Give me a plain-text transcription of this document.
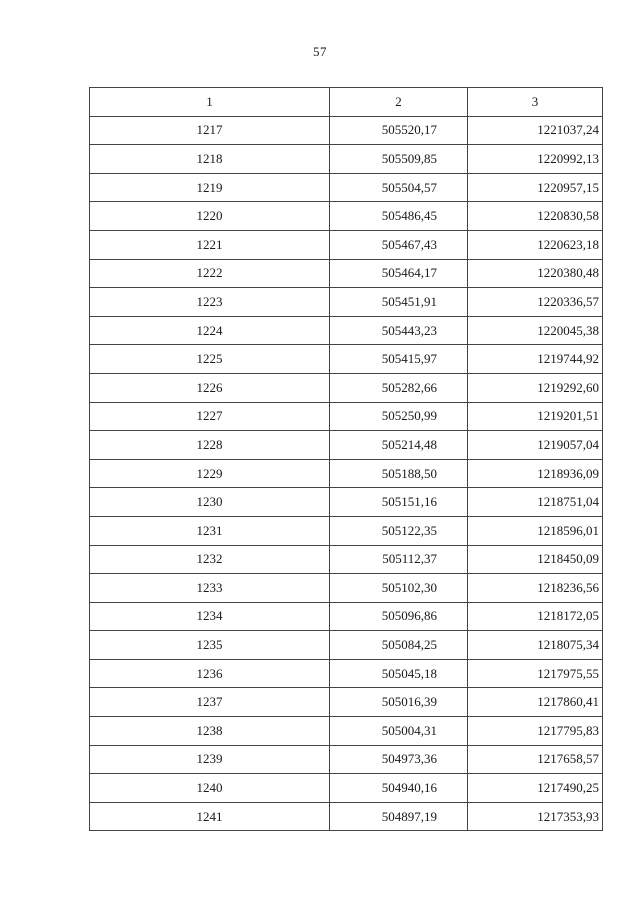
57
1	2	3
1217	505520,17	1221037,24
1218	505509,85	1220992,13
1219	505504,57	1220957,15
1220	505486,45	1220830,58
1221	505467,43	1220623,18
1222	505464,17	1220380,48
1223	505451,91	1220336,57
1224	505443,23	1220045,38
1225	505415,97	1219744,92
1226	505282,66	1219292,60
1227	505250,99	1219201,51
1228	505214,48	1219057,04
1229	505188,50	1218936,09
1230	505151,16	1218751,04
1231	505122,35	1218596,01
1232	505112,37	1218450,09
1233	505102,30	1218236,56
1234	505096,86	1218172,05
1235	505084,25	1218075,34
1236	505045,18	1217975,55
1237	505016,39	1217860,41
1238	505004,31	1217795,83
1239	504973,36	1217658,57
1240	504940,16	1217490,25
1241	504897,19	1217353,93
